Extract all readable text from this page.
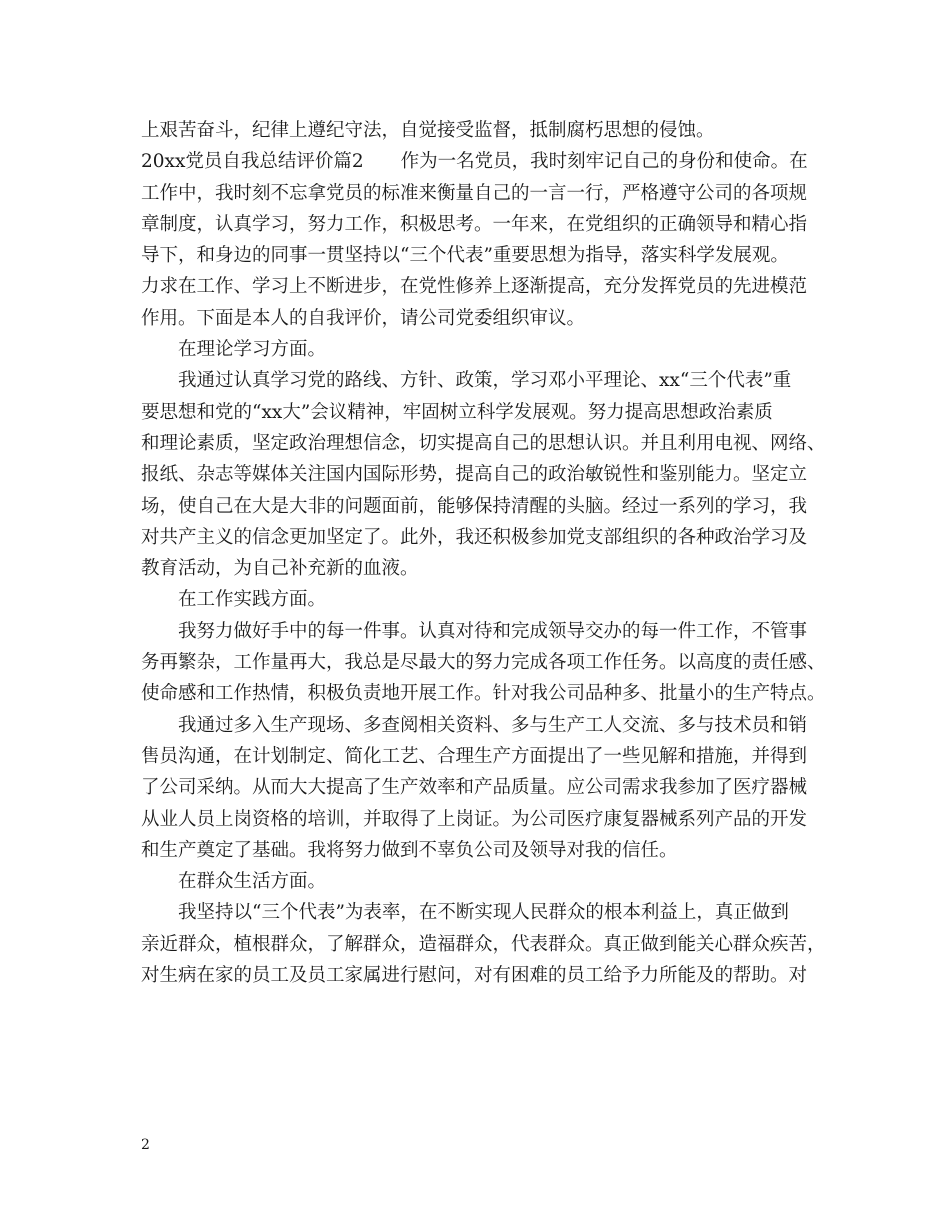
上艰苦奋斗，纪律上遵纪守法，自觉接受监督，抵制腐朽思想的侵蚀。
20xx党员自我总结评价篇2　　作为一名党员，我时刻牢记自己的身份和使命。在
工作中，我时刻不忘拿党员的标准来衡量自己的一言一行，严格遵守公司的各项规
章制度，认真学习，努力工作，积极思考。一年来，在党组织的正确领导和精心指
导下，和身边的同事一贯坚持以“三个代表”重要思想为指导，落实科学发展观。
力求在工作、学习上不断进步，在党性修养上逐渐提高，充分发挥党员的先进模范
作用。下面是本人的自我评价，请公司党委组织审议。
在理论学习方面。
我通过认真学习党的路线、方针、政策，学习邓小平理论、xx“三个代表”重
要思想和党的“xx大”会议精神，牢固树立科学发展观。努力提高思想政治素质
和理论素质，坚定政治理想信念，切实提高自己的思想认识。并且利用电视、网络、
报纸、杂志等媒体关注国内国际形势，提高自己的政治敏锐性和鉴别能力。坚定立
场，使自己在大是大非的问题面前，能够保持清醒的头脑。经过一系列的学习，我
对共产主义的信念更加坚定了。此外，我还积极参加党支部组织的各种政治学习及
教育活动，为自己补充新的血液。
在工作实践方面。
我努力做好手中的每一件事。认真对待和完成领导交办的每一件工作，不管事
务再繁杂，工作量再大，我总是尽最大的努力完成各项工作任务。以高度的责任感、
使命感和工作热情，积极负责地开展工作。针对我公司品种多、批量小的生产特点。
我通过多入生产现场、多查阅相关资料、多与生产工人交流、多与技术员和销
售员沟通，在计划制定、简化工艺、合理生产方面提出了一些见解和措施，并得到
了公司采纳。从而大大提高了生产效率和产品质量。应公司需求我参加了医疗器械
从业人员上岗资格的培训，并取得了上岗证。为公司医疗康复器械系列产品的开发
和生产奠定了基础。我将努力做到不辜负公司及领导对我的信任。
在群众生活方面。
我坚持以“三个代表”为表率，在不断实现人民群众的根本利益上，真正做到
亲近群众，植根群众，了解群众，造福群众，代表群众。真正做到能关心群众疾苦，
对生病在家的员工及员工家属进行慰问，对有困难的员工给予力所能及的帮助。对
2
